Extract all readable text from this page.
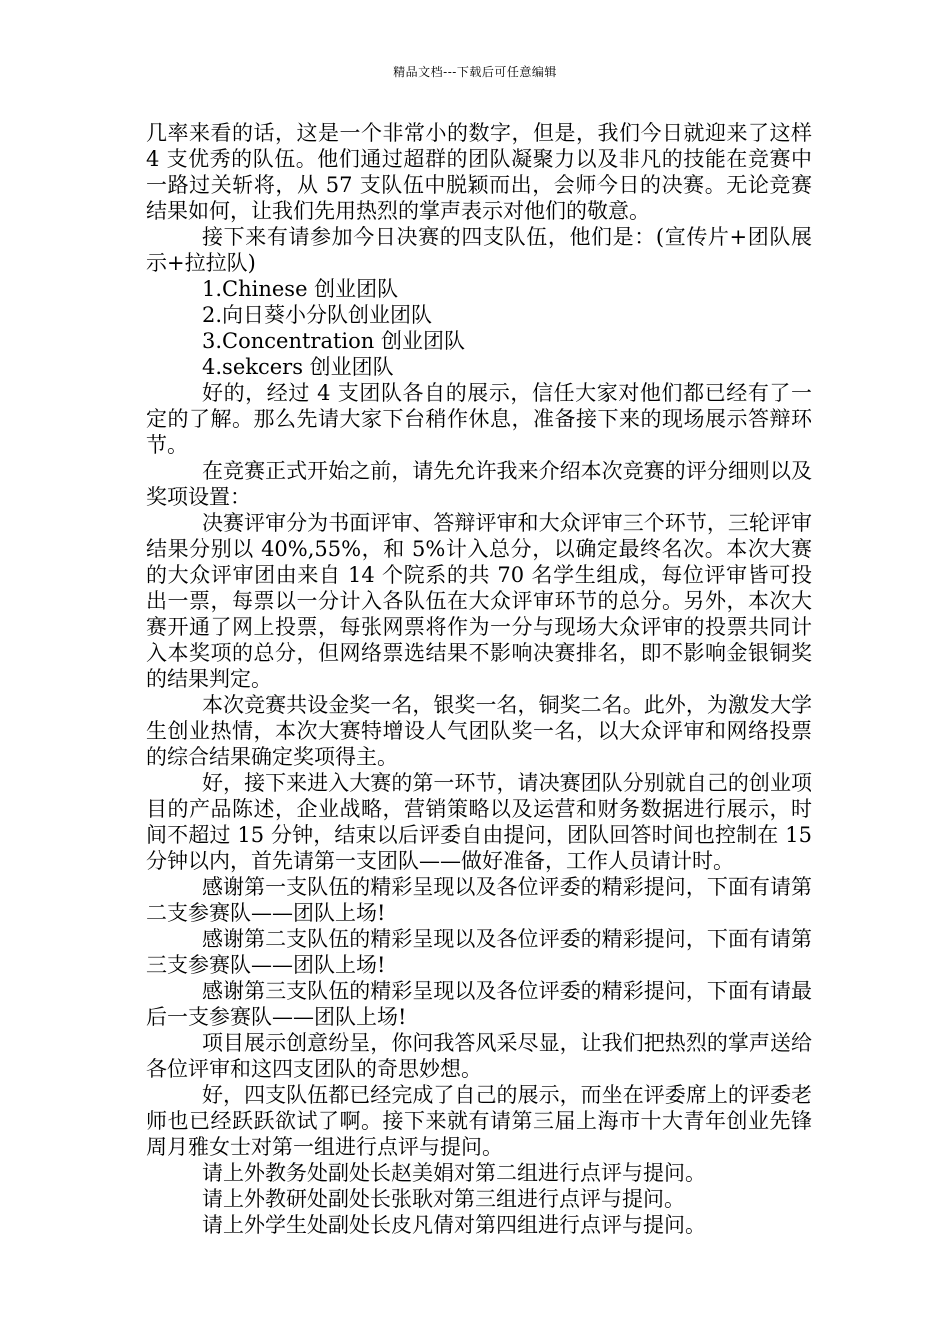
精品文档---下载后可任意编辑

几率来看的话，这是一个非常小的数字，但是，我们今日就迎来了这样 4 支优秀的队伍。他们通过超群的团队凝聚力以及非凡的技能在竞赛中一路过关斩将，从 57 支队伍中脱颖而出，会师今日的决赛。无论竞赛结果如何，让我们先用热烈的掌声表示对他们的敬意。

接下来有请参加今日决赛的四支队伍，他们是：(宣传片+团队展示+拉拉队)

1.Chinese 创业团队

2.向日葵小分队创业团队

3.Concentration 创业团队

4.sekcers 创业团队

好的，经过 4 支团队各自的展示，信任大家对他们都已经有了一定的了解。那么先请大家下台稍作休息，准备接下来的现场展示答辩环节。

在竞赛正式开始之前，请先允许我来介绍本次竞赛的评分细则以及奖项设置：

决赛评审分为书面评审、答辩评审和大众评审三个环节，三轮评审结果分别以 40%,55%，和 5%计入总分，以确定最终名次。本次大赛的大众评审团由来自 14 个院系的共 70 名学生组成，每位评审皆可投出一票，每票以一分计入各队伍在大众评审环节的总分。另外，本次大赛开通了网上投票，每张网票将作为一分与现场大众评审的投票共同计入本奖项的总分，但网络票选结果不影响决赛排名，即不影响金银铜奖的结果判定。

本次竞赛共设金奖一名，银奖一名，铜奖二名。此外，为激发大学生创业热情，本次大赛特增设人气团队奖一名，以大众评审和网络投票的综合结果确定奖项得主。

好，接下来进入大赛的第一环节，请决赛团队分别就自己的创业项目的产品陈述，企业战略，营销策略以及运营和财务数据进行展示，时间不超过 15 分钟，结束以后评委自由提问，团队回答时间也控制在 15 分钟以内，首先请第一支团队——做好准备，工作人员请计时。

感谢第一支队伍的精彩呈现以及各位评委的精彩提问，下面有请第二支参赛队——团队上场!

感谢第二支队伍的精彩呈现以及各位评委的精彩提问，下面有请第三支参赛队——团队上场!

感谢第三支队伍的精彩呈现以及各位评委的精彩提问，下面有请最后一支参赛队——团队上场!

项目展示创意纷呈，你问我答风采尽显，让我们把热烈的掌声送给各位评审和这四支团队的奇思妙想。

好，四支队伍都已经完成了自己的展示，而坐在评委席上的评委老师也已经跃跃欲试了啊。接下来就有请第三届上海市十大青年创业先锋周月雅女士对第一组进行点评与提问。

请上外教务处副处长赵美娟对第二组进行点评与提问。

请上外教研处副处长张耿对第三组进行点评与提问。

请上外学生处副处长皮凡倩对第四组进行点评与提问。
